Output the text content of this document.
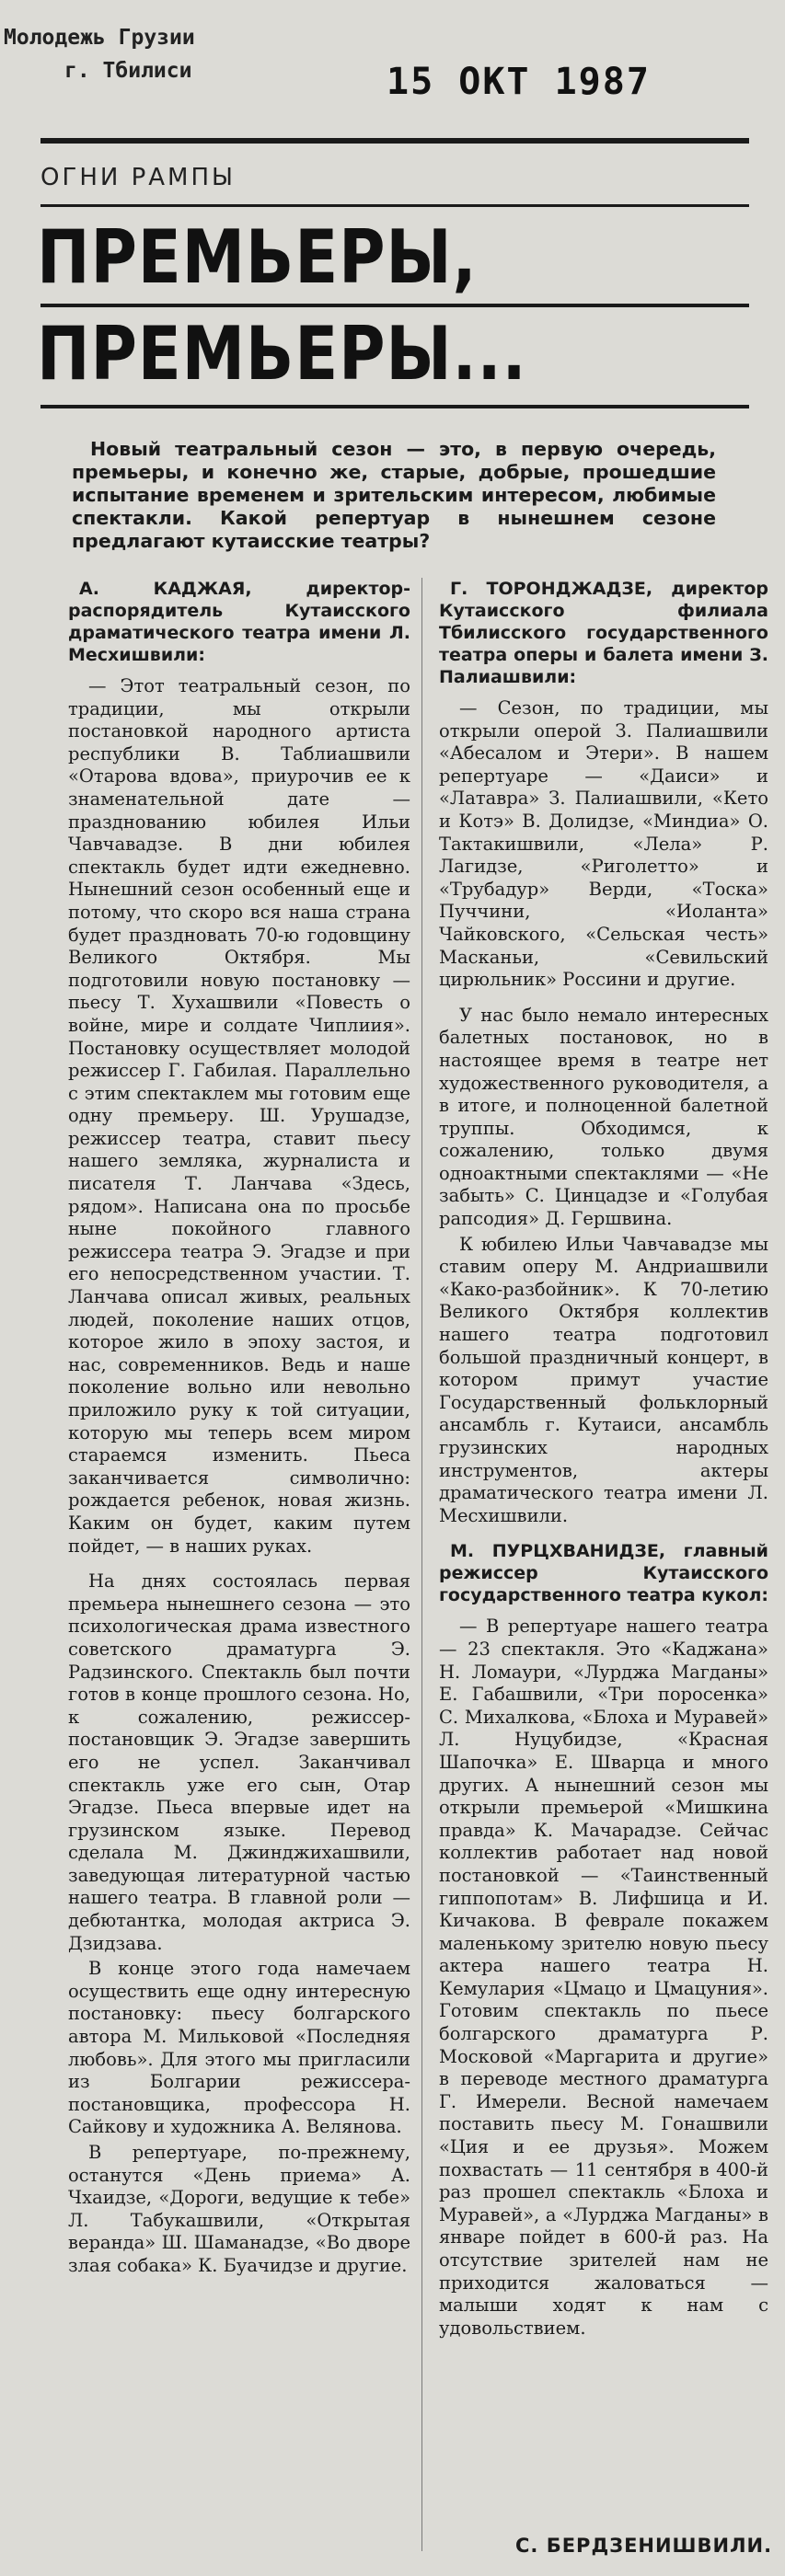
Молодежь Грузии
г. Тбилиси	15 ОКТ 1987
ОГНИ РАМПЫ
ПРЕМЬЕРЫ,
ПРЕМЬЕРЫ...
Новый театральный сезон — это, в первую очередь, премьеры, и конечно же, старые, добрые, прошедшие испытание временем и зрительским интересом, любимые спектакли. Какой репертуар в нынешнем сезоне предлагают кутаисские театры?

А. КАДЖАЯ, директор-распорядитель Кутаисского драматического театра имени Л. Месхишвили:

— Этот театральный сезон, по традиции, мы открыли постановкой народного артиста республики В. Таблиашвили «Отарова вдова», приурочив ее к знаменательной дате — празднованию юбилея Ильи Чавчавадзе. В дни юбилея спектакль будет идти ежедневно. Нынешний сезон особенный еще и потому, что скоро вся наша страна будет праздновать 70-ю годовщину Великого Октября. Мы подготовили новую постановку — пьесу Т. Хухашвили «Повесть о войне, мире и солдате Чиплиия». Постановку осуществляет молодой режиссер Г. Габилая. Параллельно с этим спектаклем мы готовим еще одну премьеру. Ш. Урушадзе, режиссер театра, ставит пьесу нашего земляка, журналиста и писателя Т. Ланчава «Здесь, рядом». Написана она по просьбе ныне покойного главного режиссера театра Э. Эгадзе и при его непосредственном участии. Т. Ланчава описал живых, реальных людей, поколение наших отцов, которое жило в эпоху застоя, и нас, современников. Ведь и наше поколение вольно или невольно приложило руку к той ситуации, которую мы теперь всем миром стараемся изменить. Пьеса заканчивается символично: рождается ребенок, новая жизнь. Каким он будет, каким путем пойдет, — в наших руках.

На днях состоялась первая премьера нынешнего сезона — это психологическая драма известного советского драматурга Э. Радзинского. Спектакль был почти готов в конце прошлого сезона. Но, к сожалению, режиссер-постановщик Э. Эгадзе завершить его не успел. Заканчивал спектакль уже его сын, Отар Эгадзе. Пьеса впервые идет на грузинском языке. Перевод сделала М. Джинджихашвили, заведующая литературной частью нашего театра. В главной роли — дебютантка, молодая актриса Э. Дзидзава.

В конце этого года намечаем осуществить еще одну интересную постановку: пьесу болгарского автора М. Мильковой «Последняя любовь». Для этого мы пригласили из Болгарии режиссера-постановщика, профессора Н. Сайкову и художника А. Велянова.

В репертуаре, по-прежнему, останутся «День приема» А. Чхаидзе, «Дороги, ведущие к тебе» Л. Табукашвили, «Открытая веранда» Ш. Шаманадзе, «Во дворе злая собака» К. Буачидзе и другие.

Г. ТОРОНДЖАДЗЕ, директор Кутаисского филиала Тбилисского государственного театра оперы и балета имени З. Палиашвили:

— Сезон, по традиции, мы открыли оперой З. Палиашвили «Абесалом и Этери». В нашем репертуаре — «Даиси» и «Латавра» З. Палиашвили, «Кето и Котэ» В. Долидзе, «Миндиа» О. Тактакишвили, «Лела» Р. Лагидзе, «Риголетто» и «Трубадур» Верди, «Тоска» Пуччини, «Иоланта» Чайковского, «Сельская честь» Масканьи, «Севильский цирюльник» Россини и другие.

У нас было немало интересных балетных постановок, но в настоящее время в театре нет художественного руководителя, а в итоге, и полноценной балетной труппы. Обходимся, к сожалению, только двумя одноактными спектаклями — «Не забыть» С. Цинцадзе и «Голубая рапсодия» Д. Гершвина.

К юбилею Ильи Чавчавадзе мы ставим оперу М. Андриашвили «Како-разбойник». К 70-летию Великого Октября коллектив нашего театра подготовил большой праздничный концерт, в котором примут участие Государственный фольклорный ансамбль г. Кутаиси, ансамбль грузинских народных инструментов, актеры драматического театра имени Л. Месхишвили.

М. ПУРЦХВАНИДЗЕ, главный режиссер Кутаисского государственного театра кукол:

— В репертуаре нашего театра — 23 спектакля. Это «Каджана» Н. Ломаури, «Лурджа Магданы» Е. Габашвили, «Три поросенка» С. Михалкова, «Блоха и Муравей» Л. Нуцубидзе, «Красная Шапочка» Е. Шварца и много других. А нынешний сезон мы открыли премьерой «Мишкина правда» К. Мачарадзе. Сейчас коллектив работает над новой постановкой — «Таинственный гиппопотам» В. Лифшица и И. Кичакова. В феврале покажем маленькому зрителю новую пьесу актера нашего театра Н. Кемулария «Цмацо и Цмацуния». Готовим спектакль по пьесе болгарского драматурга Р. Московой «Маргарита и другие» в переводе местного драматурга Г. Имерели. Весной намечаем поставить пьесу М. Гонашвили «Ция и ее друзья». Можем похвастать — 11 сентября в 400-й раз прошел спектакль «Блоха и Муравей», а «Лурджа Магданы» в январе пойдет в 600-й раз. На отсутствие зрителей нам не приходится жаловаться — малыши ходят к нам с удовольствием.

С. БЕРДЗЕНИШВИЛИ.
